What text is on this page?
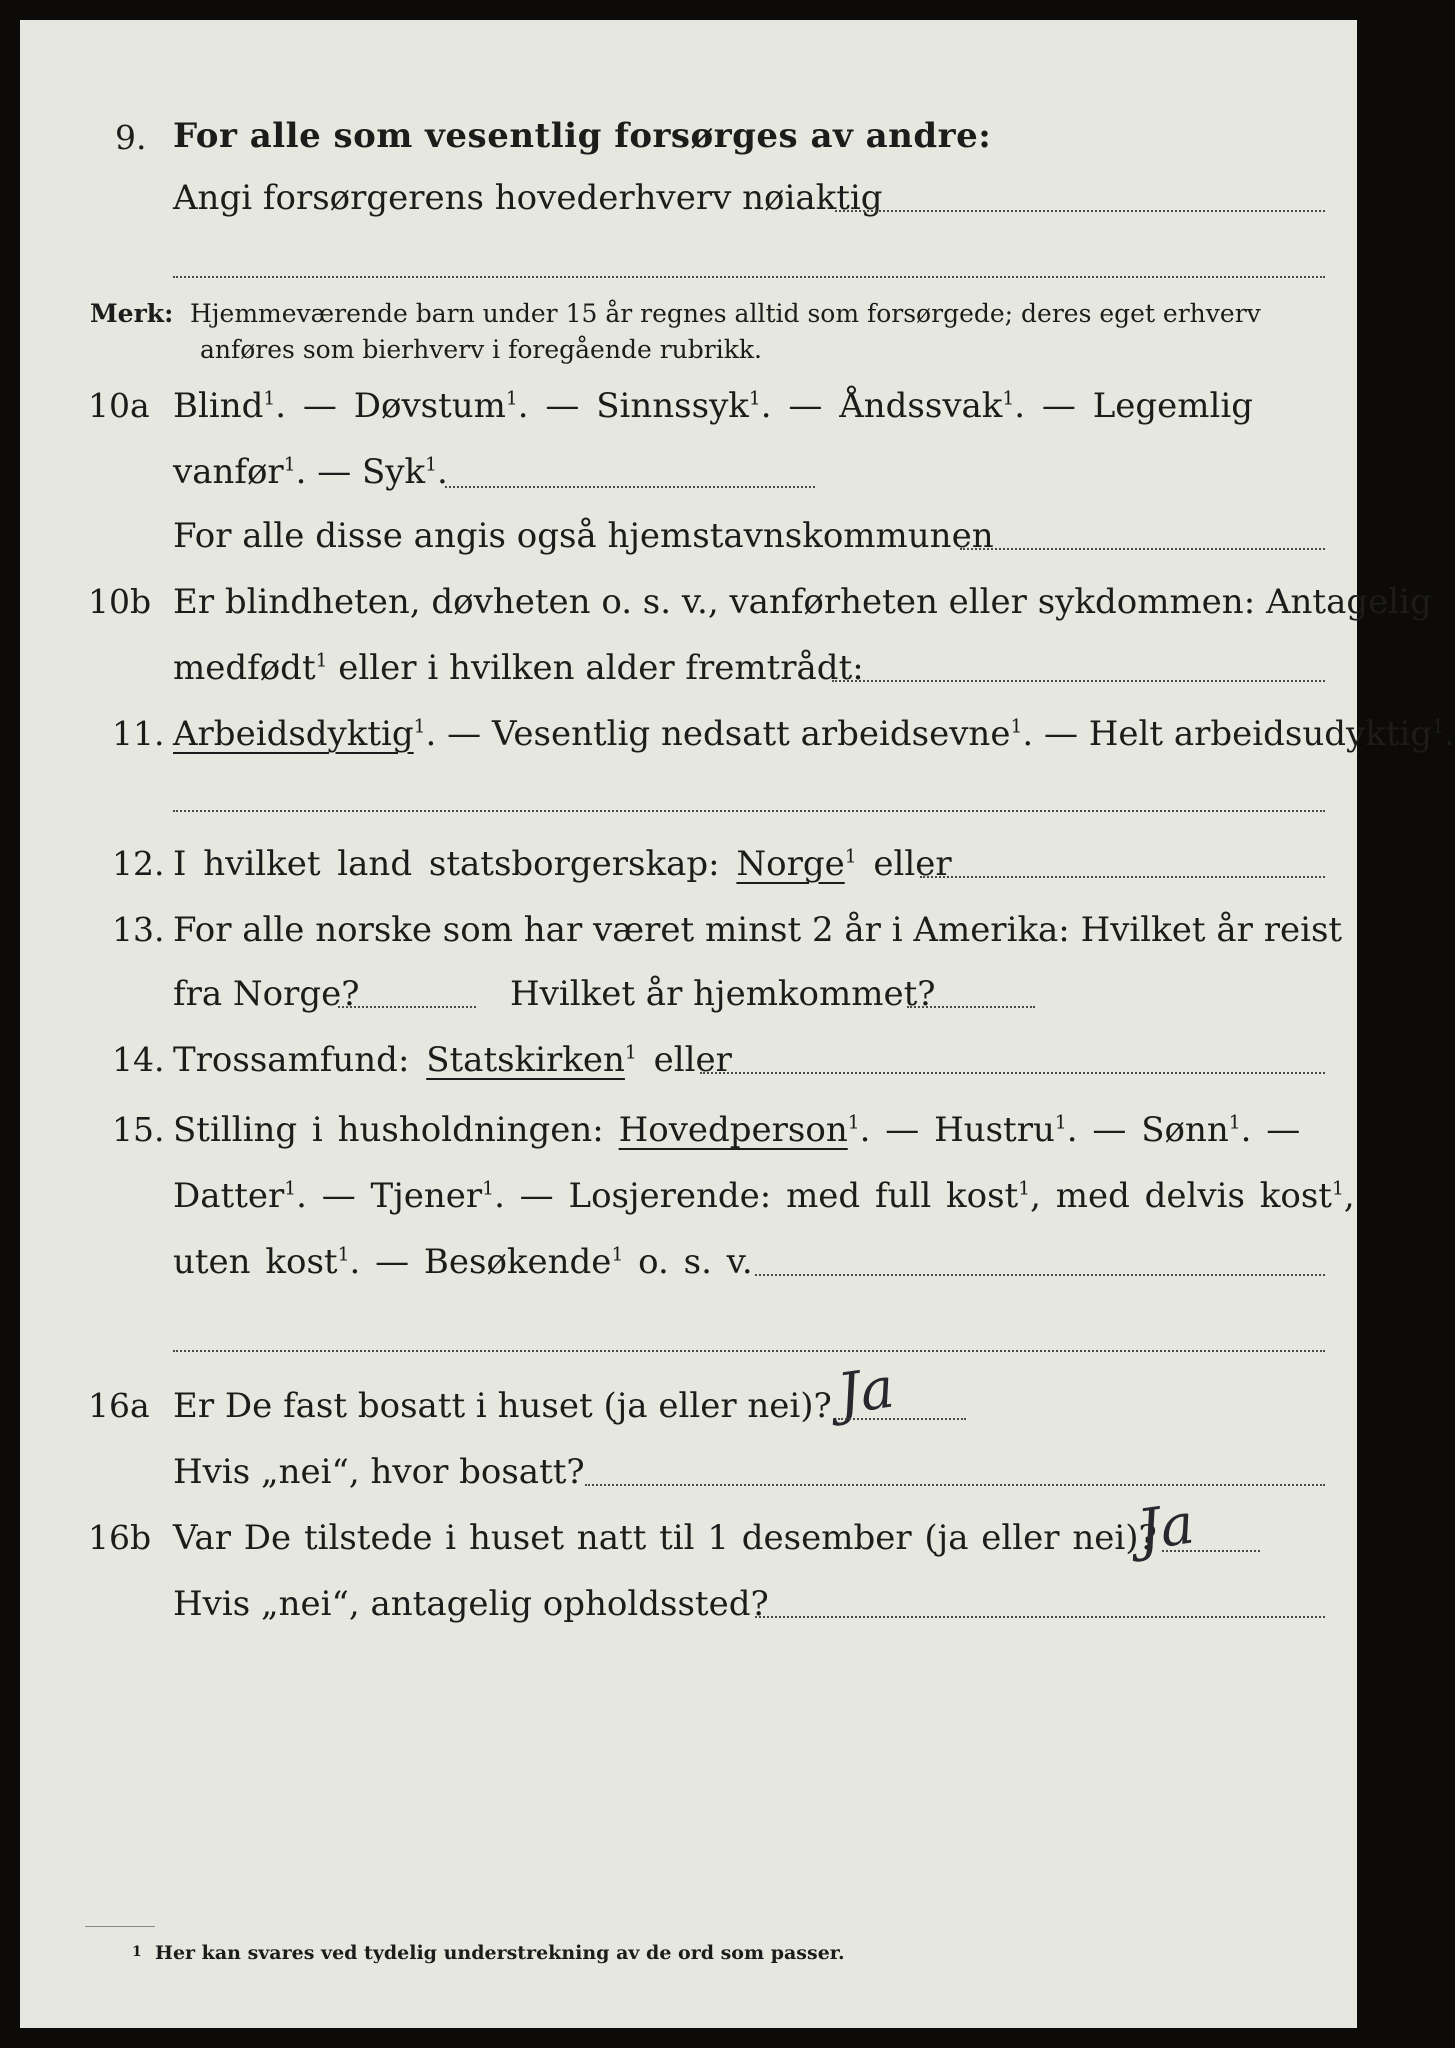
9. For alle som vesentlig forsørges av andre:
Angi forsørgerens hovederhverv nøiaktig
Merk: Hjemmeværende barn under 15 år regnes alltid som forsørgede; deres eget erhverv
anføres som bierhverv i foregående rubrikk.
10a Blind$^1$. — Døvstum$^1$. — Sinnssyk$^1$. — Åndssvak$^1$. — Legemlig
vanfør$^1$. — Syk$^1$.
For alle disse angis også hjemstavnskommunen
10b Er blindheten, døvheten o. s. v., vanførheten eller sykdommen: Antagelig
medfødt$^1$ eller i hvilken alder fremtrådt:
11. Arbeidsdyktig$^1$. — Vesentlig nedsatt arbeidsevne$^1$. — Helt arbeidsudyktig$^1$.
12. I hvilket land statsborgerskap: Norge$^1$ eller
13. For alle norske som har været minst 2 år i Amerika: Hvilket år reist
fra Norge?	Hvilket år hjemkommet?
14. Trossamfund: Statskirken$^1$ eller
15. Stilling i husholdningen: Hovedperson$^1$. — Hustru$^1$. — Sønn$^1$. —
Datter$^1$. — Tjener$^1$. — Losjerende: med full kost$^1$, med delvis kost$^1$,
uten kost$^1$. — Besøkende$^1$ o. s. v.
16a Er De fast bosatt i huset (ja eller nei)? Ja
Hvis „nei“, hvor bosatt?
16b Var De tilstede i huset natt til 1 desember (ja eller nei)?
Ja
Hvis „nei“, antagelig opholdssted?
1 Her kan svares ved tydelig understrekning av de ord som passer.
